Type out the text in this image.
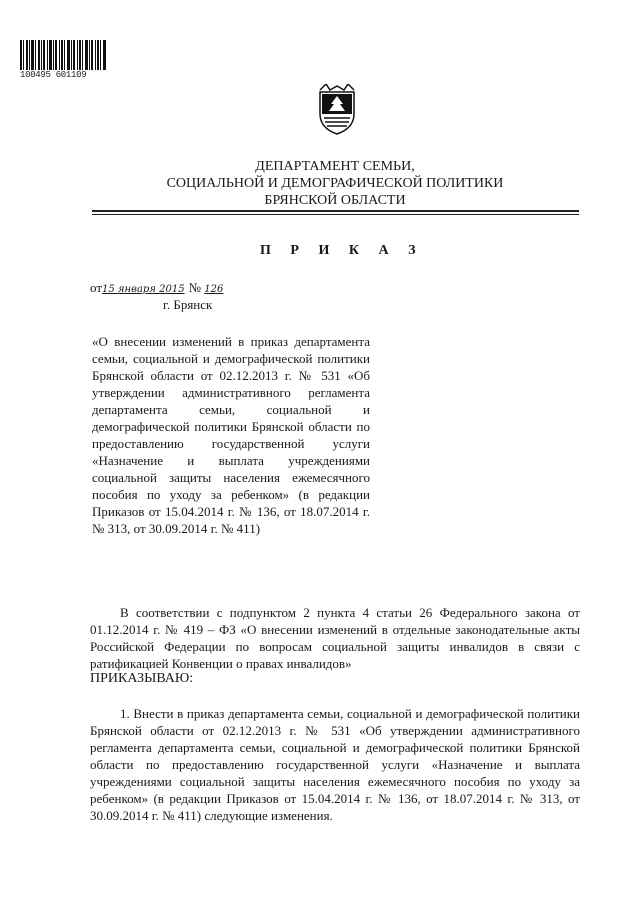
100495 601109
ДЕПАРТАМЕНТ СЕМЬИ,
СОЦИАЛЬНОЙ И ДЕМОГРАФИЧЕСКОЙ ПОЛИТИКИ
БРЯНСКОЙ ОБЛАСТИ
П Р И К А З
от15 января 2015 № 126
г. Брянск

«О внесении изменений в приказ департамента семьи, социальной и демографической политики Брянской области от 02.12.2013 г. № 531 «Об утверждении административного регламента департамента семьи, социальной и демографической политики Брянской области по предоставлению государственной услуги «Назначение и выплата учреждениями социальной защиты населения ежемесячного пособия по уходу за ребенком» (в редакции Приказов от 15.04.2014 г. № 136, от 18.07.2014 г. № 313, от 30.09.2014 г. № 411)

В соответствии с подпунктом 2 пункта 4 статьи 26 Федерального закона от 01.12.2014 г. № 419 – ФЗ «О внесении изменений в отдельные законодательные акты Российской Федерации по вопросам социальной защиты инвалидов в связи с ратификацией Конвенции о правах инвалидов»

ПРИКАЗЫВАЮ:

1. Внести в приказ департамента семьи, социальной и демографической политики Брянской области от 02.12.2013 г. № 531 «Об утверждении административного регламента департамента семьи, социальной и демографической политики Брянской области по предоставлению государственной услуги «Назначение и выплата учреждениями социальной защиты населения ежемесячного пособия по уходу за ребенком» (в редакции Приказов от 15.04.2014 г. № 136, от 18.07.2014 г. № 313, от 30.09.2014 г. № 411) следующие изменения.
